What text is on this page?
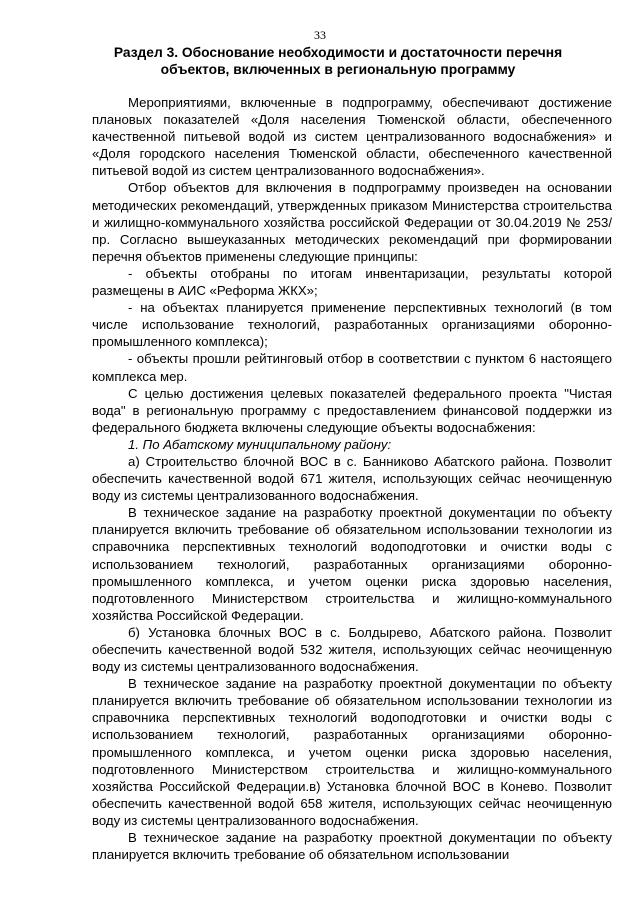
33
Раздел 3. Обоснование необходимости и достаточности перечня объектов, включенных в региональную программу

Мероприятиями, включенные в подпрограмму, обеспечивают достижение плановых показателей «Доля населения Тюменской области, обеспеченного качественной питьевой водой из систем централизованного водоснабжения» и «Доля городского населения Тюменской области, обеспеченного качественной питьевой водой из систем централизованного водоснабжения».

Отбор объектов для включения в подпрограмму произведен на основании методических рекомендаций, утвержденных приказом Министерства строительства и жилищно-коммунального хозяйства российской Федерации от 30.04.2019 № 253/пр. Согласно вышеуказанных методических рекомендаций при формировании перечня объектов применены следующие принципы:

- объекты отобраны по итогам инвентаризации, результаты которой размещены в АИС «Реформа ЖКХ»;

- на объектах планируется применение перспективных технологий (в том числе использование технологий, разработанных организациями оборонно-промышленного комплекса);

- объекты прошли рейтинговый отбор в соответствии с пунктом 6 настоящего комплекса мер.

С целью достижения целевых показателей федерального проекта "Чистая вода" в региональную программу с предоставлением финансовой поддержки из федерального бюджета включены следующие объекты водоснабжения:

1. По Абатскому муниципальному району:

а) Строительство блочной ВОС в с. Банниково Абатского района. Позволит обеспечить качественной водой 671 жителя, использующих сейчас неочищенную воду из системы централизованного водоснабжения.

В техническое задание на разработку проектной документации по объекту планируется включить требование об обязательном использовании технологии из справочника перспективных технологий водоподготовки и очистки воды с использованием технологий, разработанных организациями оборонно-промышленного комплекса, и учетом оценки риска здоровью населения, подготовленного Министерством строительства и жилищно-коммунального хозяйства Российской Федерации.

б) Установка блочных ВОС в с. Болдырево, Абатского района. Позволит обеспечить качественной водой 532 жителя, использующих сейчас неочищенную воду из системы централизованного водоснабжения.

В техническое задание на разработку проектной документации по объекту планируется включить требование об обязательном использовании технологии из справочника перспективных технологий водоподготовки и очистки воды с использованием технологий, разработанных организациями оборонно-промышленного комплекса, и учетом оценки риска здоровью населения, подготовленного Министерством строительства и жилищно-коммунального хозяйства Российской Федерации.в) Установка блочной ВОС в Конево. Позволит обеспечить качественной водой 658 жителя, использующих сейчас неочищенную воду из системы централизованного водоснабжения.

В техническое задание на разработку проектной документации по объекту планируется включить требование об обязательном использовании
